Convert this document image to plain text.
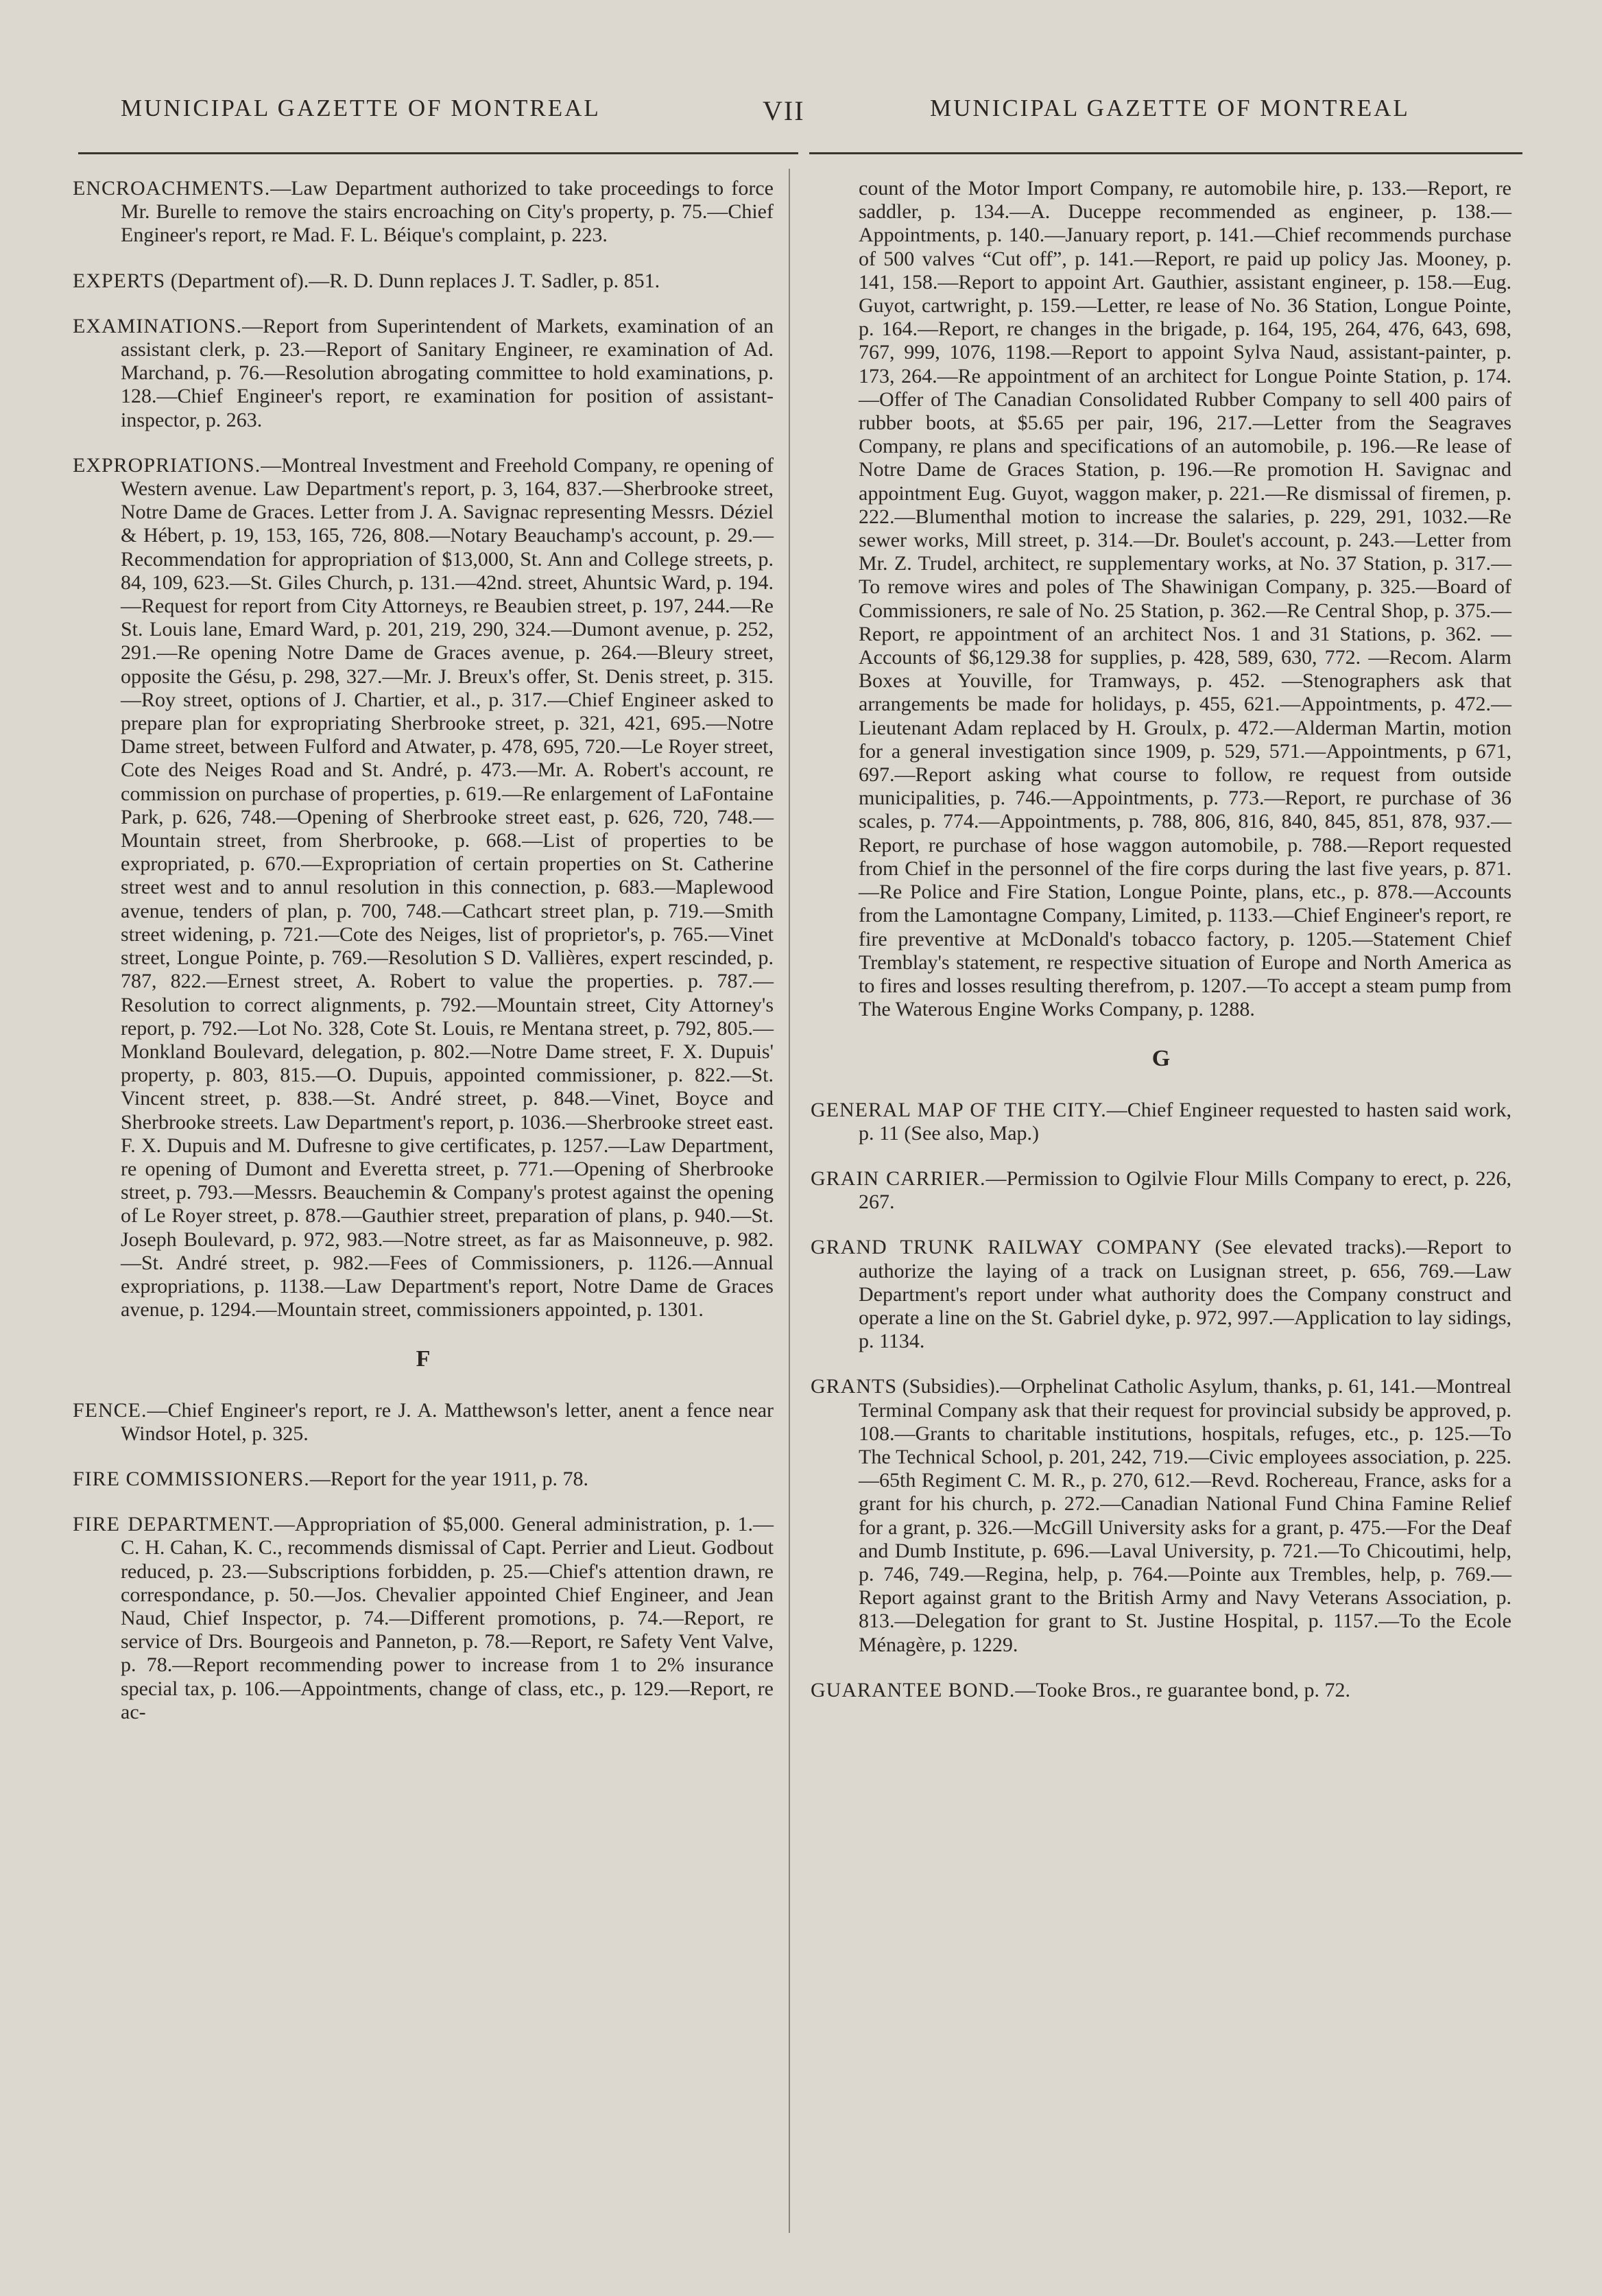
MUNICIPAL GAZETTE OF MONTREAL	VII	MUNICIPAL GAZETTE OF MONTREAL

ENCROACHMENTS.—Law Department authorized to take proceedings to force Mr. Burelle to remove the stairs encroaching on City's property, p. 75.—Chief Engineer's report, re Mad. F. L. Béique's complaint, p. 223.

EXPERTS (Department of).—R. D. Dunn replaces J. T. Sadler, p. 851.

EXAMINATIONS.—Report from Superintendent of Markets, examination of an assistant clerk, p. 23.—Report of Sanitary Engineer, re examination of Ad. Marchand, p. 76.—Resolution abrogating committee to hold examinations, p. 128.—Chief Engineer's report, re examination for position of assistant-inspector, p. 263.

EXPROPRIATIONS.—Montreal Investment and Freehold Company, re opening of Western avenue. Law Department's report, p. 3, 164, 837.—Sherbrooke street, Notre Dame de Graces. Letter from J. A. Savignac representing Messrs. Déziel & Hébert, p. 19, 153, 165, 726, 808.—Notary Beauchamp's account, p. 29.—Recommendation for appropriation of $13,000, St. Ann and College streets, p. 84, 109, 623.—St. Giles Church, p. 131.—42nd. street, Ahuntsic Ward, p. 194.—Request for report from City Attorneys, re Beaubien street, p. 197, 244.—Re St. Louis lane, Emard Ward, p. 201, 219, 290, 324.—Dumont avenue, p. 252, 291.—Re opening Notre Dame de Graces avenue, p. 264.—Bleury street, opposite the Gésu, p. 298, 327.—Mr. J. Breux's offer, St. Denis street, p. 315.—Roy street, options of J. Chartier, et al., p. 317.—Chief Engineer asked to prepare plan for expropriating Sherbrooke street, p. 321, 421, 695.—Notre Dame street, between Fulford and Atwater, p. 478, 695, 720.—Le Royer street, Cote des Neiges Road and St. André, p. 473.—Mr. A. Robert's account, re commission on purchase of properties, p. 619.—Re enlargement of LaFontaine Park, p. 626, 748.—Opening of Sherbrooke street east, p. 626, 720, 748.—Mountain street, from Sherbrooke, p. 668.—List of properties to be expropriated, p. 670.—Expropriation of certain properties on St. Catherine street west and to annul resolution in this connection, p. 683.—Maplewood avenue, tenders of plan, p. 700, 748.—Cathcart street plan, p. 719.—Smith street widening, p. 721.—Cote des Neiges, list of proprietor's, p. 765.—Vinet street, Longue Pointe, p. 769.—Resolution S D. Vallières, expert rescinded, p. 787, 822.—Ernest street, A. Robert to value the properties. p. 787.—Resolution to correct alignments, p. 792.—Mountain street, City Attorney's report, p. 792.—Lot No. 328, Cote St. Louis, re Mentana street, p. 792, 805.—Monkland Boulevard, delegation, p. 802.—Notre Dame street, F. X. Dupuis' property, p. 803, 815.—O. Dupuis, appointed commissioner, p. 822.—St. Vincent street, p. 838.—St. André street, p. 848.—Vinet, Boyce and Sherbrooke streets. Law Department's report, p. 1036.—Sherbrooke street east. F. X. Dupuis and M. Dufresne to give certificates, p. 1257.—Law Department, re opening of Dumont and Everetta street, p. 771.—Opening of Sherbrooke street, p. 793.—Messrs. Beauchemin & Company's protest against the opening of Le Royer street, p. 878.—Gauthier street, preparation of plans, p. 940.—St. Joseph Boulevard, p. 972, 983.—Notre street, as far as Maisonneuve, p. 982.—St. André street, p. 982.—Fees of Commissioners, p. 1126.—Annual expropriations, p. 1138.—Law Department's report, Notre Dame de Graces avenue, p. 1294.—Mountain street, commissioners appointed, p. 1301.

F

FENCE.—Chief Engineer's report, re J. A. Matthewson's letter, anent a fence near Windsor Hotel, p. 325.

FIRE COMMISSIONERS.—Report for the year 1911, p. 78.

FIRE DEPARTMENT.—Appropriation of $5,000. General administration, p. 1.—C. H. Cahan, K. C., recommends dismissal of Capt. Perrier and Lieut. Godbout reduced, p. 23.—Subscriptions forbidden, p. 25.—Chief's attention drawn, re correspondance, p. 50.—Jos. Chevalier appointed Chief Engineer, and Jean Naud, Chief Inspector, p. 74.—Different promotions, p. 74.—Report, re service of Drs. Bourgeois and Panneton, p. 78.—Report, re Safety Vent Valve, p. 78.—Report recommending power to increase from 1 to 2% insurance special tax, p. 106.—Appointments, change of class, etc., p. 129.—Report, re ac-

count of the Motor Import Company, re automobile hire, p. 133.—Report, re saddler, p. 134.—A. Duceppe recommended as engineer, p. 138.—Appointments, p. 140.—January report, p. 141.—Chief recommends purchase of 500 valves “Cut off”, p. 141.—Report, re paid up policy Jas. Mooney, p. 141, 158.—Report to appoint Art. Gauthier, assistant engineer, p. 158.—Eug. Guyot, cartwright, p. 159.—Letter, re lease of No. 36 Station, Longue Pointe, p. 164.—Report, re changes in the brigade, p. 164, 195, 264, 476, 643, 698, 767, 999, 1076, 1198.—Report to appoint Sylva Naud, assistant-painter, p. 173, 264.—Re appointment of an architect for Longue Pointe Station, p. 174.—Offer of The Canadian Consolidated Rubber Company to sell 400 pairs of rubber boots, at $5.65 per pair, 196, 217.—Letter from the Seagraves Company, re plans and specifications of an automobile, p. 196.—Re lease of Notre Dame de Graces Station, p. 196.—Re promotion H. Savignac and appointment Eug. Guyot, waggon maker, p. 221.—Re dismissal of firemen, p. 222.—Blumenthal motion to increase the salaries, p. 229, 291, 1032.—Re sewer works, Mill street, p. 314.—Dr. Boulet's account, p. 243.—Letter from Mr. Z. Trudel, architect, re supplementary works, at No. 37 Station, p. 317.—To remove wires and poles of The Shawinigan Company, p. 325.—Board of Commissioners, re sale of No. 25 Station, p. 362.—Re Central Shop, p. 375.—Report, re appointment of an architect Nos. 1 and 31 Stations, p. 362. —Accounts of $6,129.38 for supplies, p. 428, 589, 630, 772. —Recom. Alarm Boxes at Youville, for Tramways, p. 452. —Stenographers ask that arrangements be made for holidays, p. 455, 621.—Appointments, p. 472.—Lieutenant Adam replaced by H. Groulx, p. 472.—Alderman Martin, motion for a general investigation since 1909, p. 529, 571.—Appointments, p 671, 697.—Report asking what course to follow, re request from outside municipalities, p. 746.—Appointments, p. 773.—Report, re purchase of 36 scales, p. 774.—Appointments, p. 788, 806, 816, 840, 845, 851, 878, 937.—Report, re purchase of hose waggon automobile, p. 788.—Report requested from Chief in the personnel of the fire corps during the last five years, p. 871.—Re Police and Fire Station, Longue Pointe, plans, etc., p. 878.—Accounts from the Lamontagne Company, Limited, p. 1133.—Chief Engineer's report, re fire preventive at McDonald's tobacco factory, p. 1205.—Statement Chief Tremblay's statement, re respective situation of Europe and North America as to fires and losses resulting therefrom, p. 1207.—To accept a steam pump from The Waterous Engine Works Company, p. 1288.

G

GENERAL MAP OF THE CITY.—Chief Engineer requested to hasten said work, p. 11 (See also, Map.)

GRAIN CARRIER.—Permission to Ogilvie Flour Mills Company to erect, p. 226, 267.

GRAND TRUNK RAILWAY COMPANY (See elevated tracks).—Report to authorize the laying of a track on Lusignan street, p. 656, 769.—Law Department's report under what authority does the Company construct and operate a line on the St. Gabriel dyke, p. 972, 997.—Application to lay sidings, p. 1134.

GRANTS (Subsidies).—Orphelinat Catholic Asylum, thanks, p. 61, 141.—Montreal Terminal Company ask that their request for provincial subsidy be approved, p. 108.—Grants to charitable institutions, hospitals, refuges, etc., p. 125.—To The Technical School, p. 201, 242, 719.—Civic employees association, p. 225.—65th Regiment C. M. R., p. 270, 612.—Revd. Rochereau, France, asks for a grant for his church, p. 272.—Canadian National Fund China Famine Relief for a grant, p. 326.—McGill University asks for a grant, p. 475.—For the Deaf and Dumb Institute, p. 696.—Laval University, p. 721.—To Chicoutimi, help, p. 746, 749.—Regina, help, p. 764.—Pointe aux Trembles, help, p. 769.—Report against grant to the British Army and Navy Veterans Association, p. 813.—Delegation for grant to St. Justine Hospital, p. 1157.—To the Ecole Ménagère, p. 1229.

GUARANTEE BOND.—Tooke Bros., re guarantee bond, p. 72.
